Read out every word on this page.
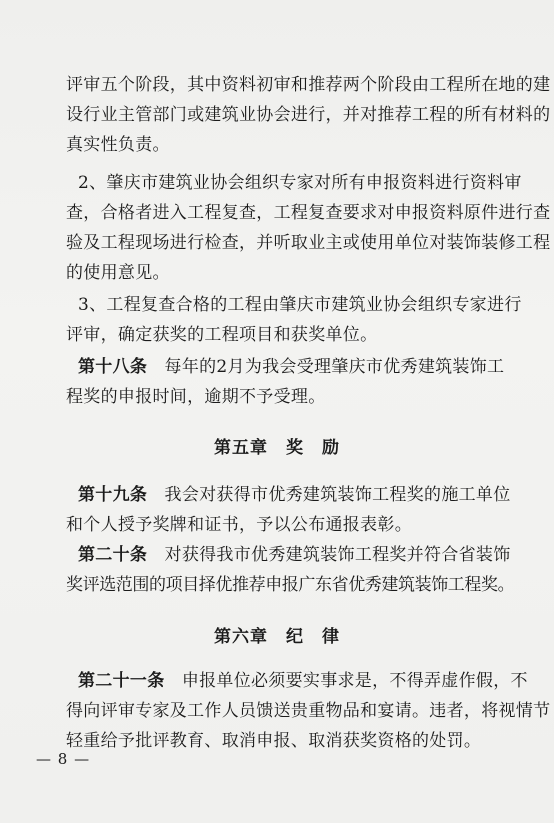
评审五个阶段，其中资料初审和推荐两个阶段由工程所在地的建
设行业主管部门或建筑业协会进行，并对推荐工程的所有材料的
真实性负责。

2、肇庆市建筑业协会组织专家对所有申报资料进行资料审
查，合格者进入工程复查，工程复查要求对申报资料原件进行查
验及工程现场进行检查，并听取业主或使用单位对装饰装修工程
的使用意见。

3、工程复查合格的工程由肇庆市建筑业协会组织专家进行
评审，确定获奖的工程项目和获奖单位。

第十八条　 每年的2月为我会受理肇庆市优秀建筑装饰工
程奖的申报时间，逾期不予受理。

第五章　奖　励

第十九条　 我会对获得市优秀建筑装饰工程奖的施工单位
和个人授予奖牌和证书，予以公布通报表彰。

第二十条　 对获得我市优秀建筑装饰工程奖并符合省装饰
奖评选范围的项目择优推荐申报广东省优秀建筑装饰工程奖。

第六章　纪　律

第二十一条　 申报单位必须要实事求是，不得弄虚作假，不
得向评审专家及工作人员馈送贵重物品和宴请。违者，将视情节
轻重给予批评教育、取消申报、取消获奖资格的处罚。

— 8 —
